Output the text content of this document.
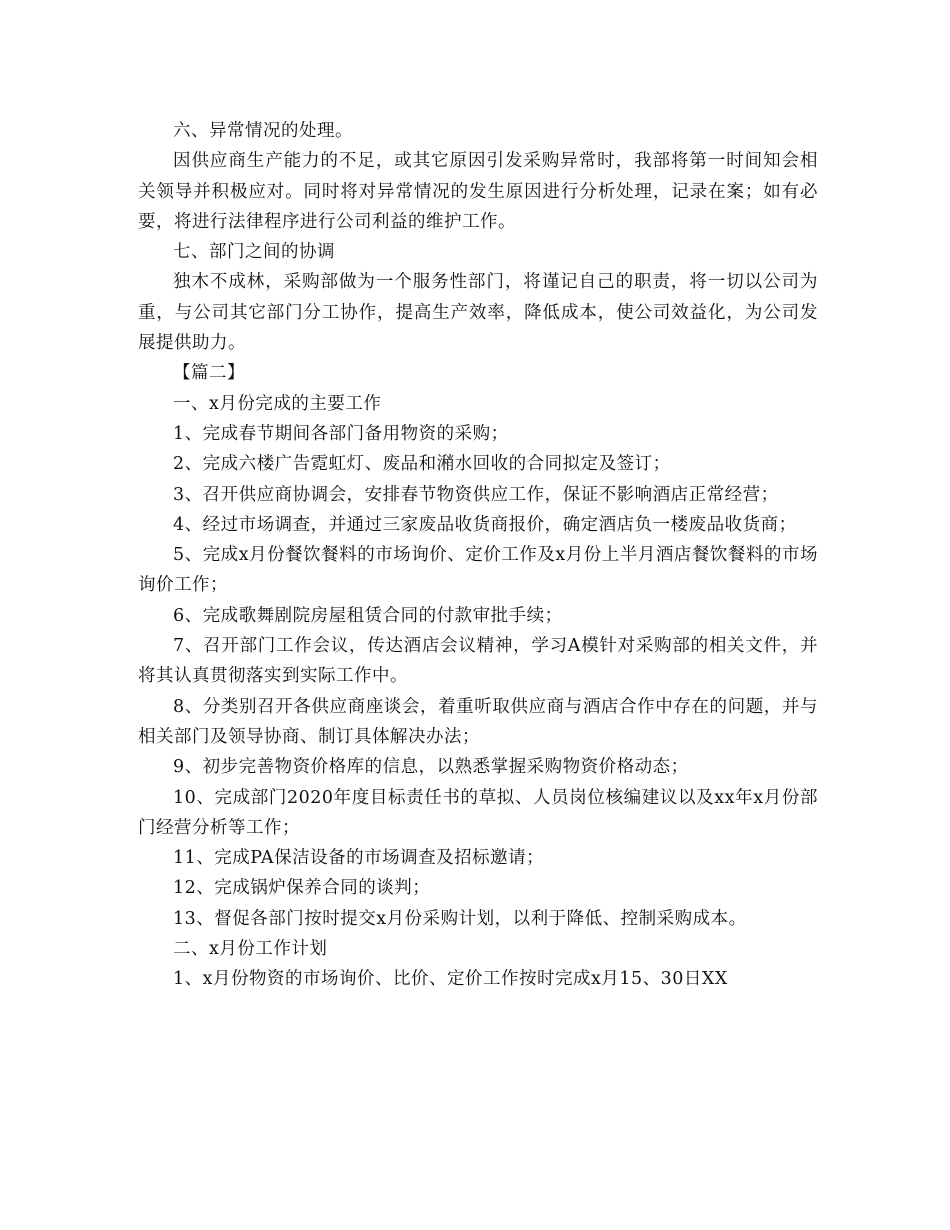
六、异常情况的处理。

因供应商生产能力的不足，或其它原因引发采购异常时，我部将第一时间知会相关领导并积极应对。同时将对异常情况的发生原因进行分析处理，记录在案；如有必要，将进行法律程序进行公司利益的维护工作。

七、部门之间的协调

独木不成林，采购部做为一个服务性部门，将谨记自己的职责，将一切以公司为重，与公司其它部门分工协作，提高生产效率，降低成本，使公司效益化，为公司发展提供助力。

【篇二】

一、x月份完成的主要工作

1、完成春节期间各部门备用物资的采购；

2、完成六楼广告霓虹灯、废品和潲水回收的合同拟定及签订；

3、召开供应商协调会，安排春节物资供应工作，保证不影响酒店正常经营；

4、经过市场调查，并通过三家废品收货商报价，确定酒店负一楼废品收货商；

5、完成x月份餐饮餐料的市场询价、定价工作及x月份上半月酒店餐饮餐料的市场询价工作；

6、完成歌舞剧院房屋租赁合同的付款审批手续；

7、召开部门工作会议，传达酒店会议精神，学习A模针对采购部的相关文件，并将其认真贯彻落实到实际工作中。

8、分类别召开各供应商座谈会，着重听取供应商与酒店合作中存在的问题，并与相关部门及领导协商、制订具体解决办法；

9、初步完善物资价格库的信息，以熟悉掌握采购物资价格动态；

10、完成部门2020年度目标责任书的草拟、人员岗位核编建议以及xx年x月份部门经营分析等工作；

11、完成PA保洁设备的市场调查及招标邀请；

12、完成锅炉保养合同的谈判；

13、督促各部门按时提交x月份采购计划，以利于降低、控制采购成本。

二、x月份工作计划

1、x月份物资的市场询价、比价、定价工作按时完成x月15、30日XX
